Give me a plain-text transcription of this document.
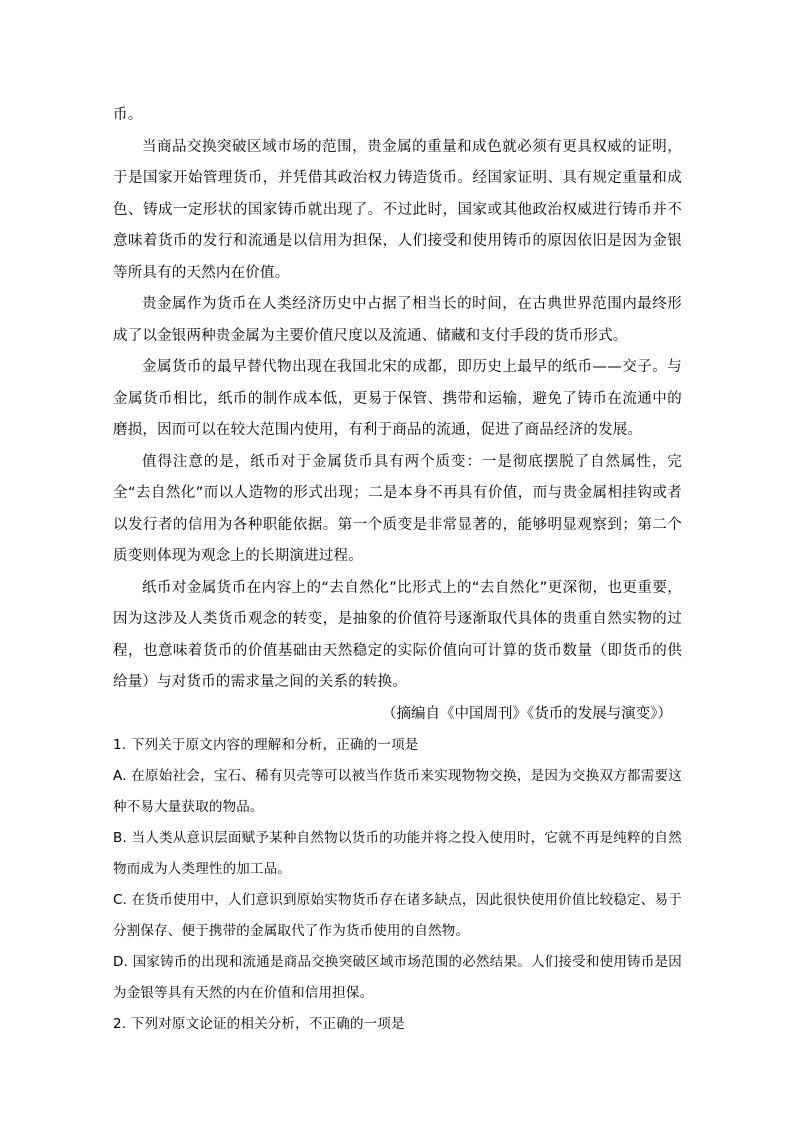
币。

当商品交换突破区域市场的范围，贵金属的重量和成色就必须有更具权威的证明，于是国家开始管理货币，并凭借其政治权力铸造货币。经国家证明、具有规定重量和成色、铸成一定形状的国家铸币就出现了。不过此时，国家或其他政治权威进行铸币并不意味着货币的发行和流通是以信用为担保，人们接受和使用铸币的原因依旧是因为金银等所具有的天然内在价值。

贵金属作为货币在人类经济历史中占据了相当长的时间，在古典世界范围内最终形成了以金银两种贵金属为主要价值尺度以及流通、储藏和支付手段的货币形式。

金属货币的最早替代物出现在我国北宋的成都，即历史上最早的纸币——交子。与金属货币相比，纸币的制作成本低，更易于保管、携带和运输，避免了铸币在流通中的磨损，因而可以在较大范围内使用，有利于商品的流通，促进了商品经济的发展。

值得注意的是，纸币对于金属货币具有两个质变：一是彻底摆脱了自然属性，完全“去自然化”而以人造物的形式出现；二是本身不再具有价值，而与贵金属相挂钩或者以发行者的信用为各种职能依据。第一个质变是非常显著的，能够明显观察到；第二个质变则体现为观念上的长期演进过程。

纸币对金属货币在内容上的“去自然化”比形式上的“去自然化”更深彻，也更重要，因为这涉及人类货币观念的转变，是抽象的价值符号逐渐取代具体的贵重自然实物的过程，也意味着货币的价值基础由天然稳定的实际价值向可计算的货币数量（即货币的供给量）与对货币的需求量之间的关系的转换。

（摘编自《中国周刊》《货币的发展与演变》）

1. 下列关于原文内容的理解和分析，正确的一项是

A. 在原始社会，宝石、稀有贝壳等可以被当作货币来实现物物交换，是因为交换双方都需要这种不易大量获取的物品。

B. 当人类从意识层面赋予某种自然物以货币的功能并将之投入使用时，它就不再是纯粹的自然物而成为人类理性的加工品。

C. 在货币使用中，人们意识到原始实物货币存在诸多缺点，因此很快使用价值比较稳定、易于分割保存、便于携带的金属取代了作为货币使用的自然物。

D. 国家铸币的出现和流通是商品交换突破区域市场范围的必然结果。人们接受和使用铸币是因为金银等具有天然的内在价值和信用担保。

2. 下列对原文论证的相关分析，不正确的一项是
